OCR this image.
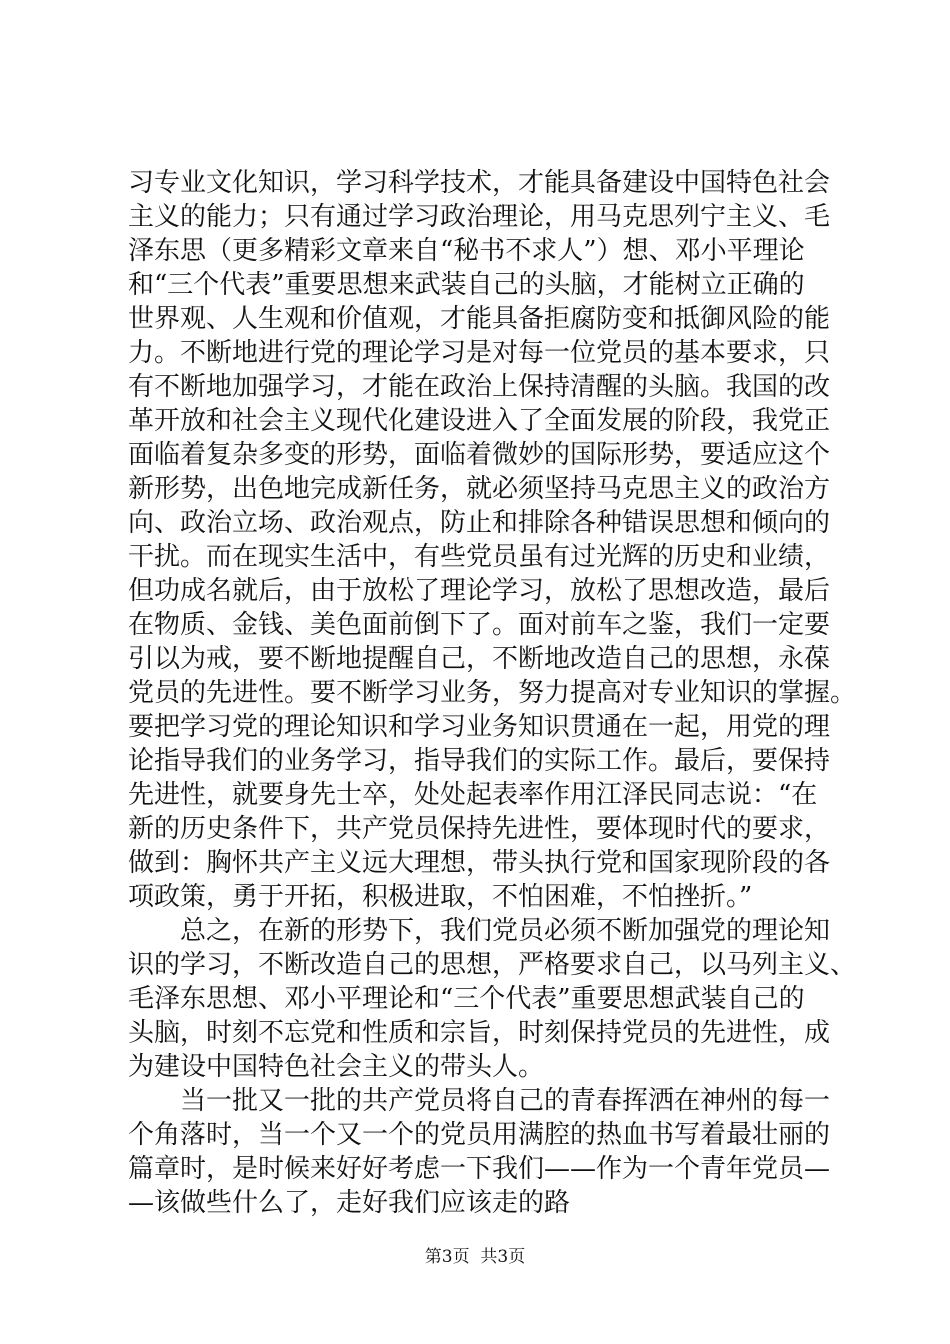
习专业文化知识，学习科学技术，才能具备建设中国特色社会
主义的能力；只有通过学习政治理论，用马克思列宁主义、毛
泽东思（更多精彩文章来自“秘书不求人”）想、邓小平理论
和“三个代表”重要思想来武装自己的头脑，才能树立正确的
世界观、人生观和价值观，才能具备拒腐防变和抵御风险的能
力。不断地进行党的理论学习是对每一位党员的基本要求，只
有不断地加强学习，才能在政治上保持清醒的头脑。我国的改
革开放和社会主义现代化建设进入了全面发展的阶段，我党正
面临着复杂多变的形势，面临着微妙的国际形势，要适应这个
新形势，出色地完成新任务，就必须坚持马克思主义的政治方
向、政治立场、政治观点，防止和排除各种错误思想和倾向的
干扰。而在现实生活中，有些党员虽有过光辉的历史和业绩，
但功成名就后，由于放松了理论学习，放松了思想改造，最后
在物质、金钱、美色面前倒下了。面对前车之鉴，我们一定要
引以为戒，要不断地提醒自己，不断地改造自己的思想，永葆
党员的先进性。要不断学习业务，努力提高对专业知识的掌握。
要把学习党的理论知识和学习业务知识贯通在一起，用党的理
论指导我们的业务学习，指导我们的实际工作。最后，要保持
先进性，就要身先士卒，处处起表率作用江泽民同志说：“在
新的历史条件下，共产党员保持先进性，要体现时代的要求，
做到：胸怀共产主义远大理想，带头执行党和国家现阶段的各
项政策，勇于开拓，积极进取，不怕困难，不怕挫折。”
　　总之，在新的形势下，我们党员必须不断加强党的理论知
识的学习，不断改造自己的思想，严格要求自己，以马列主义、
毛泽东思想、邓小平理论和“三个代表”重要思想武装自己的
头脑，时刻不忘党和性质和宗旨，时刻保持党员的先进性，成
为建设中国特色社会主义的带头人。
　　当一批又一批的共产党员将自己的青春挥洒在神州的每一
个角落时，当一个又一个的党员用满腔的热血书写着最壮丽的
篇章时，是时候来好好考虑一下我们——作为一个青年党员—
—该做些什么了，走好我们应该走的路
第3页  共3页
